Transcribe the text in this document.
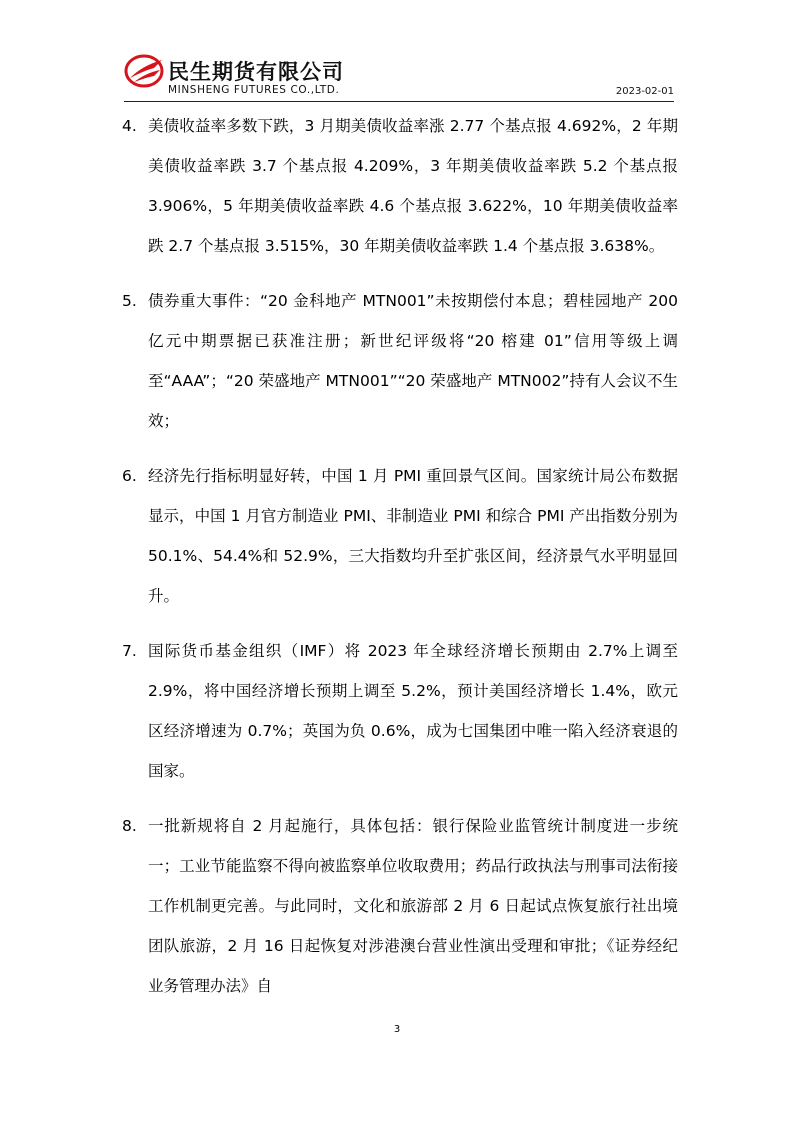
民生期货有限公司
MINSHENG FUTURES CO.,LTD.	2023-02-01
4. 美债收益率多数下跌，3 月期美债收益率涨 2.77 个基点报 4.692%，2 年期美债收益率跌 3.7 个基点报 4.209%，3 年期美债收益率跌 5.2 个基点报 3.906%，5 年期美债收益率跌 4.6 个基点报 3.622%，10 年期美债收益率跌 2.7 个基点报 3.515%，30 年期美债收益率跌 1.4 个基点报 3.638%。
5. 债券重大事件：“20 金科地产 MTN001”未按期偿付本息；碧桂园地产 200 亿元中期票据已获准注册；新世纪评级将“20 榕建 01”信用等级上调至“AAA”；“20 荣盛地产 MTN001”“20 荣盛地产 MTN002”持有人会议不生效；
6. 经济先行指标明显好转，中国 1 月 PMI 重回景气区间。国家统计局公布数据显示，中国 1 月官方制造业 PMI、非制造业 PMI 和综合 PMI 产出指数分别为 50.1%、54.4%和 52.9%，三大指数均升至扩张区间，经济景气水平明显回升。
7. 国际货币基金组织（IMF）将 2023 年全球经济增长预期由 2.7%上调至 2.9%，将中国经济增长预期上调至 5.2%，预计美国经济增长 1.4%，欧元区经济增速为 0.7%；英国为负 0.6%，成为七国集团中唯一陷入经济衰退的国家。
8. 一批新规将自 2 月起施行，具体包括：银行保险业监管统计制度进一步统一；工业节能监察不得向被监察单位收取费用；药品行政执法与刑事司法衔接工作机制更完善。与此同时，文化和旅游部 2 月 6 日起试点恢复旅行社出境团队旅游，2 月 16 日起恢复对涉港澳台营业性演出受理和审批；《证券经纪业务管理办法》自
3
